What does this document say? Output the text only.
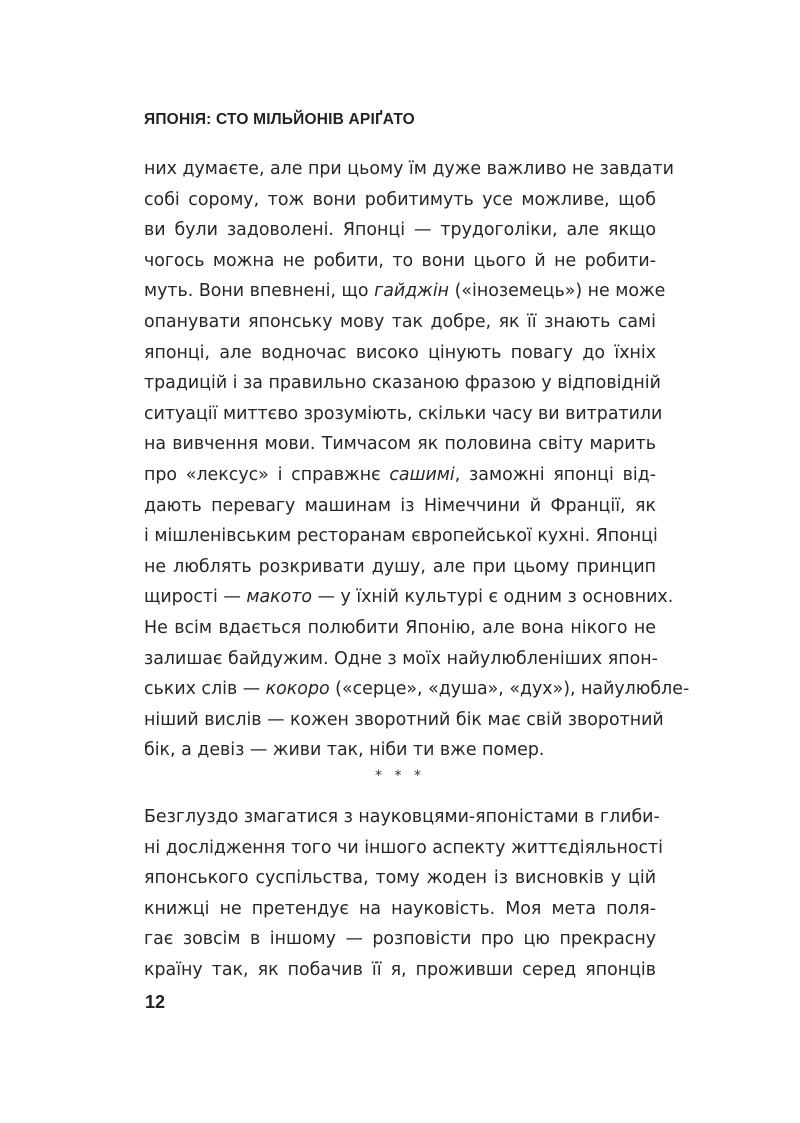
ЯПОНІЯ: СТО МІЛЬЙОНІВ АРІҐАТО
них думаєте, але при цьому їм дуже важливо не завдати
собі сорому, тож вони робитимуть усе можливе, щоб
ви були задоволені. Японці — трудоголіки, але якщо
чогось можна не робити, то вони цього й не робити-
муть. Вони впевнені, що гайджін («іноземець») не може
опанувати японську мову так добре, як її знають самі
японці, але водночас високо цінують повагу до їхніх
традицій і за правильно сказаною фразою у відповідній
ситуації миттєво зрозуміють, скільки часу ви витратили
на вивчення мови. Тимчасом як половина світу марить
про «лексус» і справжнє сашимі, заможні японці від-
дають перевагу машинам із Німеччини й Франції, як
і мішленівським ресторанам європейської кухні. Японці
не люблять розкривати душу, але при цьому принцип
щирості — макото — у їхній культурі є одним з основних.
Не всім вдається полюбити Японію, але вона нікого не
залишає байдужим. Одне з моїх найулюбленіших япон-
ських слів — кокоро («серце», «душа», «дух»), найулюбле-
ніший вислів — кожен зворотний бік має свій зворотний
бік, а девіз — живи так, ніби ти вже помер.
* * *
Безглуздо змагатися з науковцями-японістами в глиби-
ні дослідження того чи іншого аспекту життєдіяльності
японського суспільства, тому жоден із висновків у цій
книжці не претендує на науковість. Моя мета поля-
гає зовсім в іншому — розповісти про цю прекрасну
країну так, як побачив її я, проживши серед японців
12
